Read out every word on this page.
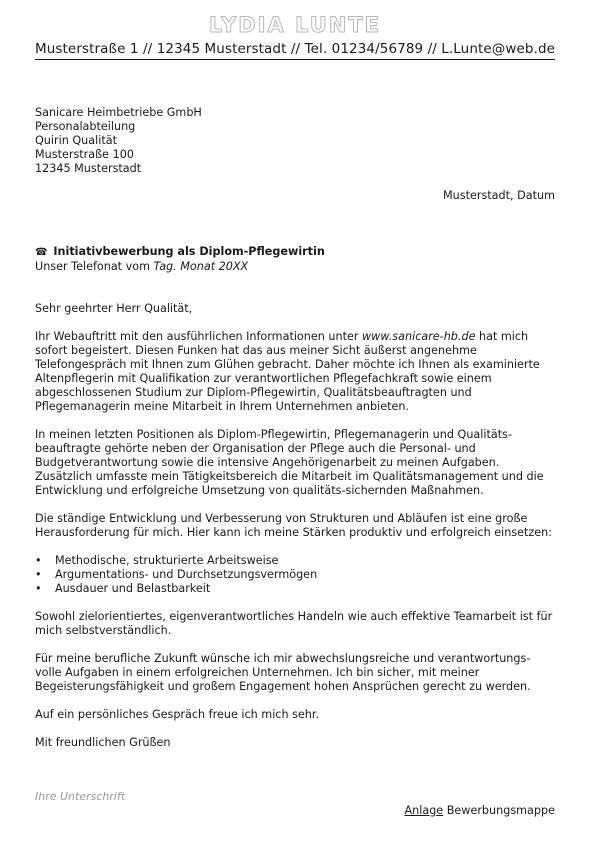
LYDIA LUNTE
Musterstraße 1 // 12345 Musterstadt // Tel. 01234/56789 // L.Lunte@web.de
Sanicare Heimbetriebe GmbH
Personalabteilung
Quirin Qualität
Musterstraße 100
12345 Musterstadt
Musterstadt, Datum
☎ Initiativbewerbung als Diplom-Pflegewirtin
Unser Telefonat vom Tag. Monat 20XX

Sehr geehrter Herr Qualität,

Ihr Webauftritt mit den ausführlichen Informationen unter www.sanicare-hb.de hat mich sofort begeistert. Diesen Funken hat das aus meiner Sicht äußerst angenehme Telefongespräch mit Ihnen zum Glühen gebracht. Daher möchte ich Ihnen als examinierte Altenpflegerin mit Qualifikation zur verantwortlichen Pflegefachkraft sowie einem abgeschlossenen Studium zur Diplom-Pflegewirtin, Qualitätsbeauftragten und Pflegemanagerin meine Mitarbeit in Ihrem Unternehmen anbieten.

In meinen letzten Positionen als Diplom-Pflegewirtin, Pflegemanagerin und Qualitäts-beauftragte gehörte neben der Organisation der Pflege auch die Personal- und Budgetverantwortung sowie die intensive Angehörigenarbeit zu meinen Aufgaben. Zusätzlich umfasste mein Tätigkeitsbereich die Mitarbeit im Qualitätsmanagement und die Entwicklung und erfolgreiche Umsetzung von qualitäts-sichernden Maßnahmen.

Die ständige Entwicklung und Verbesserung von Strukturen und Abläufen ist eine große Herausforderung für mich. Hier kann ich meine Stärken produktiv und erfolgreich einsetzen:

• Methodische, strukturierte Arbeitsweise
• Argumentations- und Durchsetzungsvermögen
• Ausdauer und Belastbarkeit

Sowohl zielorientiertes, eigenverantwortliches Handeln wie auch effektive Teamarbeit ist für mich selbstverständlich.

Für meine berufliche Zukunft wünsche ich mir abwechslungsreiche und verantwortungs-volle Aufgaben in einem erfolgreichen Unternehmen. Ich bin sicher, mit meiner Begeisterungsfähigkeit und großem Engagement hohen Ansprüchen gerecht zu werden.

Auf ein persönliches Gespräch freue ich mich sehr.

Mit freundlichen Grüßen

Ihre Unterschrift
Anlage Bewerbungsmappe
